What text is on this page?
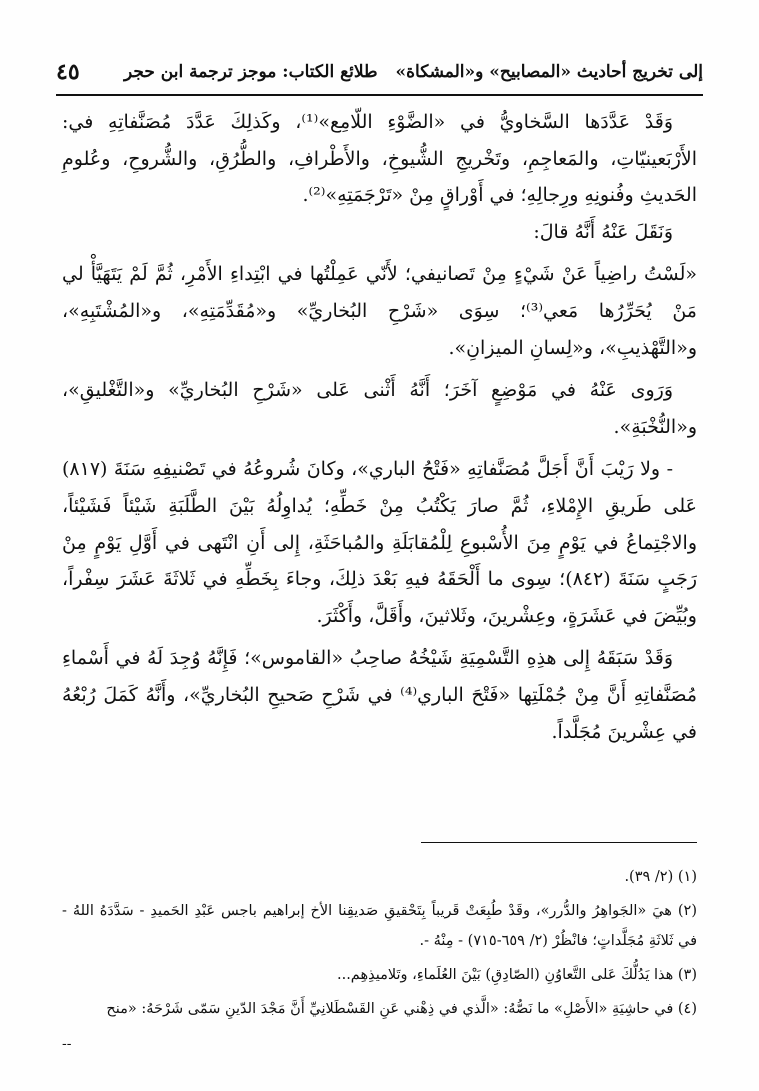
إلى تخريج أحاديث «المصابيح» و«المشكاة» طلائع الكتاب: موجز ترجمة ابن حجر
٤٥

وَقَدْ عَدَّدَها السَّخاويُّ في «الضَّوْءِ اللّامِع»⁽¹⁾، وكَذلِكَ عَدَّدَ مُصَنَّفاتِهِ في: الأَرْبَعينيّاتِ، والمَعاجِمِ، وتَخْريجِ الشُّيوخِ، والأَطْرافِ، والطُّرُقِ، والشُّروحِ، وعُلومِ الحَديثِ وفُنونِهِ ورِجالِهِ؛ في أَوْراقٍ مِنْ «تَرْجَمَتِهِ»⁽²⁾.

وَنَقَلَ عَنْهُ أَنَّهُ قالَ:

«لَسْتُ راضِياً عَنْ شَيْءٍ مِنْ تَصانيفي؛ لأَنّي عَمِلْتُها في ابْتِداءِ الأَمْرِ، ثُمَّ لَمْ يَتَهَيَّأْ لي مَنْ يُحَرِّرُها مَعي⁽³⁾؛ سِوَى «شَرْحِ البُخاريِّ» و«مُقَدِّمَتِهِ»، و«المُشْتَبِهِ»، و«التَّهْذيبِ»، و«لِسانِ الميزانِ».

وَرَوى عَنْهُ في مَوْضِعٍ آخَرَ؛ أَنَّهُ أَثْنى عَلى «شَرْحِ البُخاريِّ» و«التَّغْليقِ»، و«النُّخْبَةِ».

- ولا رَيْبَ أَنَّ أَجَلَّ مُصَنَّفاتِهِ «فَتْحُ الباري»، وكانَ شُروعُهُ في تَصْنيفِهِ سَنَةَ (٨١٧) عَلى طَريقِ الإِمْلاءِ، ثُمَّ صارَ يَكْتُبُ مِنْ خَطِّهِ؛ يُداوِلُهُ بَيْنَ الطَّلَبَةِ شَيْئاً فَشَيْئاً، والاجْتِماعُ في يَوْمٍ مِنَ الأُسْبوعِ لِلْمُقابَلَةِ والمُباحَثَةِ، إِلى أَنِ انْتَهى في أَوَّلِ يَوْمٍ مِنْ رَجَبٍ سَنَةَ (٨٤٢)؛ سِوى ما أَلْحَقَهُ فيهِ بَعْدَ ذلِكَ، وجاءَ بِخَطِّهِ في ثَلاثَةَ عَشَرَ سِفْراً، وبُيِّضَ في عَشَرَةٍ، وعِشْرينَ، وثَلاثينَ، وأَقَلَّ، وأَكْثَرَ.

وَقَدْ سَبَقَهُ إِلى هذِهِ التَّسْمِيَةِ شَيْخُهُ صاحِبُ «القاموس»؛ فَإِنَّهُ وُجِدَ لَهُ في أَسْماءِ مُصَنَّفاتِهِ أَنَّ مِنْ جُمْلَتِها «فَتْحَ الباري⁽⁴⁾ في شَرْحِ صَحيحِ البُخاريِّ»، وأَنَّهُ كَمَلَ رُبْعُهُ في عِشْرينَ مُجَلَّداً.

(١) (٢/ ٣٩).

(٢) هيَ «الجَواهِرُ والدُّرر»، وقَدْ طُبِعَتْ قَريباً بِتَحْقيقِ صَديقِنا الأخ إبراهيم باجس عَبْدِ الحَميدِ - سَدَّدَهُ اللهُ - في ثَلاثَةِ مُجَلَّداتٍ؛ فانْظُرْ (٢/ ٦٥٩-٧١٥) - مِنْهُ -.

(٣) هذا يَدُلُّكَ عَلى التَّعاوُنِ (الصّادِقِ) بَيْنَ العُلَماءِ، وتَلاميذِهِم...

(٤) في حاشِيَةِ «الأَصْلِ» ما نَصُّهُ: «الَّذي في ذِهْني عَنِ القَسْطَلانِيِّ أَنَّ مَجْدَ الدّينِ سَمّى شَرْحَهُ: «منح

--
